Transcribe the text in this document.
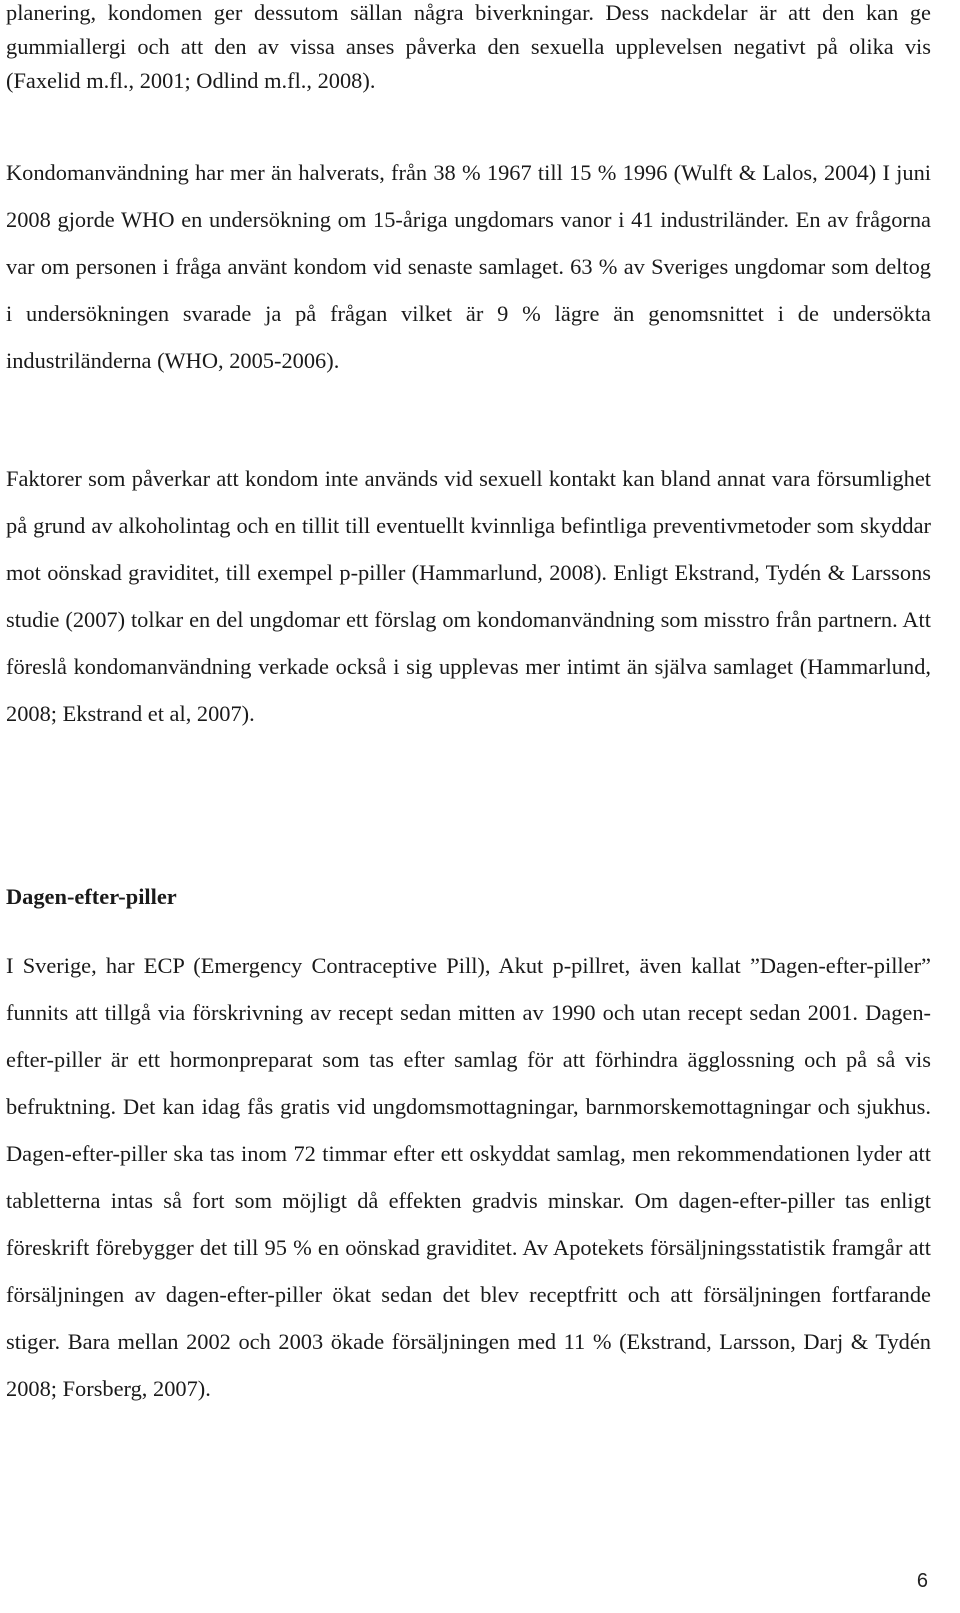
planering, kondomen ger dessutom sällan några biverkningar. Dess nackdelar är att den kan ge gummiallergi och att den av vissa anses påverka den sexuella upplevelsen negativt på olika vis (Faxelid m.fl., 2001; Odlind m.fl., 2008).

Kondomanvändning har mer än halverats, från 38 % 1967 till 15 % 1996 (Wulft & Lalos, 2004) I juni 2008 gjorde WHO en undersökning om 15-åriga ungdomars vanor i 41 industriländer. En av frågorna var om personen i fråga använt kondom vid senaste samlaget. 63 % av Sveriges ungdomar som deltog i undersökningen svarade ja på frågan vilket är 9 % lägre än genomsnittet i de undersökta industriländerna (WHO, 2005-2006).

Faktorer som påverkar att kondom inte används vid sexuell kontakt kan bland annat vara försumlighet på grund av alkoholintag och en tillit till eventuellt kvinnliga befintliga preventivmetoder som skyddar mot oönskad graviditet, till exempel p-piller (Hammarlund, 2008). Enligt Ekstrand, Tydén & Larssons studie (2007) tolkar en del ungdomar ett förslag om kondomanvändning som misstro från partnern. Att föreslå kondomanvändning verkade också i sig upplevas mer intimt än själva samlaget (Hammarlund, 2008; Ekstrand et al, 2007).

Dagen-efter-piller

I Sverige, har ECP (Emergency Contraceptive Pill), Akut p-pillret, även kallat ”Dagen-efter-piller” funnits att tillgå via förskrivning av recept sedan mitten av 1990 och utan recept sedan 2001. Dagen-efter-piller är ett hormonpreparat som tas efter samlag för att förhindra ägglossning och på så vis befruktning. Det kan idag fås gratis vid ungdomsmottagningar, barnmorskemottagningar och sjukhus. Dagen-efter-piller ska tas inom 72 timmar efter ett oskyddat samlag, men rekommendationen lyder att tabletterna intas så fort som möjligt då effekten gradvis minskar. Om dagen-efter-piller tas enligt föreskrift förebygger det till 95 % en oönskad graviditet. Av Apotekets försäljningsstatistik framgår att försäljningen av dagen-efter-piller ökat sedan det blev receptfritt och att försäljningen fortfarande stiger. Bara mellan 2002 och 2003 ökade försäljningen med 11 % (Ekstrand, Larsson, Darj & Tydén 2008; Forsberg, 2007).

6
